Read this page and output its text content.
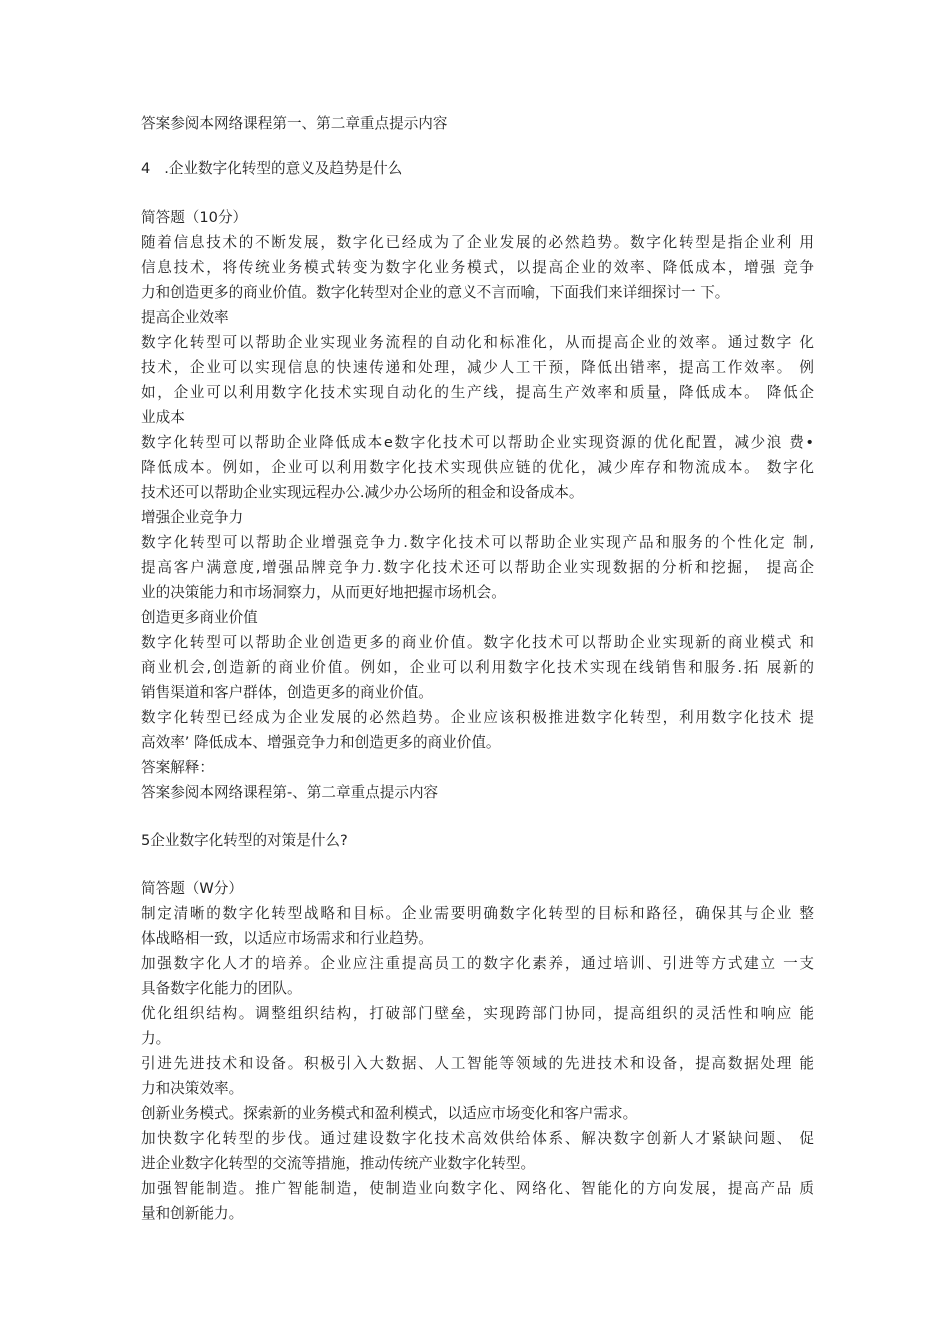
答案参阅本网络课程第一、第二章重点提示内容
4   .企业数字化转型的意义及趋势是什么
简答题（10分）
随着信息技术的不断发展，数字化已经成为了企业发展的必然趋势。数字化转型是指企业利 用
信息技术，将传统业务模式转变为数字化业务模式，以提高企业的效率、降低成本，增强 竞争
力和创造更多的商业价值。数字化转型对企业的意义不言而喻，下面我们来详细探讨一 下。
提高企业效率
数字化转型可以帮助企业实现业务流程的自动化和标准化，从而提高企业的效率。通过数字 化
技术，企业可以实现信息的快速传递和处理，减少人工干预，降低出错率，提高工作效率。 例
如，企业可以利用数字化技术实现自动化的生产线，提高生产效率和质量，降低成本。 降低企
业成本
数字化转型可以帮助企业降低成本e数字化技术可以帮助企业实现资源的优化配置，减少浪 费•
降低成本。例如，企业可以利用数字化技术实现供应链的优化，减少库存和物流成本。 数字化
技术还可以帮助企业实现远程办公.减少办公场所的租金和设备成本。
增强企业竞争力
数字化转型可以帮助企业增强竞争力.数字化技术可以帮助企业实现产品和服务的个性化定 制,
提高客户满意度,增强品牌竞争力.数字化技术还可以帮助企业实现数据的分析和挖掘， 提高企
业的决策能力和市场洞察力，从而更好地把握市场机会。
创造更多商业价值
数字化转型可以帮助企业创造更多的商业价值。数字化技术可以帮助企业实现新的商业模式 和
商业机会,创造新的商业价值。例如，企业可以利用数字化技术实现在线销售和服务.拓 展新的
销售渠道和客户群体，创造更多的商业价值。
数字化转型已经成为企业发展的必然趋势。企业应该积极推进数字化转型，利用数字化技术 提
高效率’ 降低成本、增强竞争力和创造更多的商业价值。
答案解释：
答案参阅本网络课程第-、第二章重点提示内容
5企业数字化转型的对策是什么?
简答题（W分）
制定清晰的数字化转型战略和目标。企业需要明确数字化转型的目标和路径，确保其与企业 整
体战略相一致，以适应市场需求和行业趋势。
加强数字化人才的培养。企业应注重提高员工的数字化素养，通过培训、引进等方式建立 一支
具备数字化能力的团队。
优化组织结构。调整组织结构，打破部门壁垒，实现跨部门协同，提高组织的灵活性和响应 能
力。
引进先进技术和设备。积极引入大数据、人工智能等领域的先进技术和设备，提高数据处理 能
力和决策效率。
创新业务模式。探索新的业务模式和盈利模式，以适应市场变化和客户需求。
加快数字化转型的步伐。通过建设数字化技术高效供给体系、解决数字创新人才紧缺问题、 促
进企业数字化转型的交流等措施，推动传统产业数字化转型。
加强智能制造。推广智能制造，使制造业向数字化、网络化、智能化的方向发展，提高产品 质
量和创新能力。
